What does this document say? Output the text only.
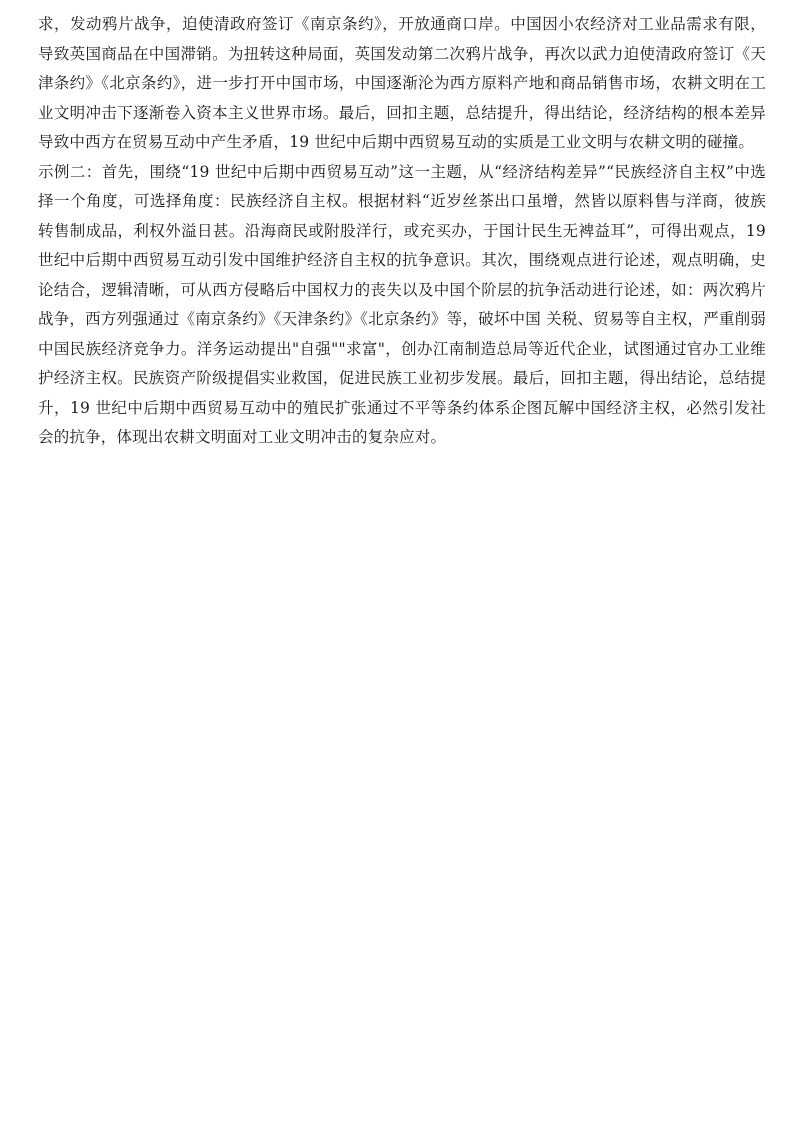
求，发动鸦片战争，迫使清政府签订《南京条约》，开放通商口岸。中国因小农经济对工业品需求有限，导致英国商品在中国滞销。为扭转这种局面，英国发动第二次鸦片战争，再次以武力迫使清政府签订《天津条约》《北京条约》，进一步打开中国市场，中国逐渐沦为西方原料产地和商品销售市场，农耕文明在工业文明冲击下逐渐卷入资本主义世界市场。最后，回扣主题，总结提升，得出结论，经济结构的根本差异导致中西方在贸易互动中产生矛盾，19 世纪中后期中西贸易互动的实质是工业文明与农耕文明的碰撞。

示例二：首先，围绕“19 世纪中后期中西贸易互动”这一主题，从“经济结构差异”“民族经济自主权”中选择一个角度，可选择角度：民族经济自主权。根据材料“近岁丝茶出口虽增，然皆以原料售与洋商，彼族转售制成品，利权外溢日甚。沿海商民或附股洋行，或充买办，于国计民生无裨益耳”，可得出观点，19 世纪中后期中西贸易互动引发中国维护经济自主权的抗争意识。其次，围绕观点进行论述，观点明确，史论结合，逻辑清晰，可从西方侵略后中国权力的丧失以及中国个阶层的抗争活动进行论述，如：两次鸦片战争，西方列强通过《南京条约》《天津条约》《北京条约》等，破坏中国 关税、贸易等自主权，严重削弱中国民族经济竞争力。洋务运动提出"自强""求富"，创办江南制造总局等近代企业，试图通过官办工业维护经济主权。民族资产阶级提倡实业救国，促进民族工业初步发展。最后，回扣主题，得出结论，总结提升，19 世纪中后期中西贸易互动中的殖民扩张通过不平等条约体系企图瓦解中国经济主权，必然引发社会的抗争，体现出农耕文明面对工业文明冲击的复杂应对。
